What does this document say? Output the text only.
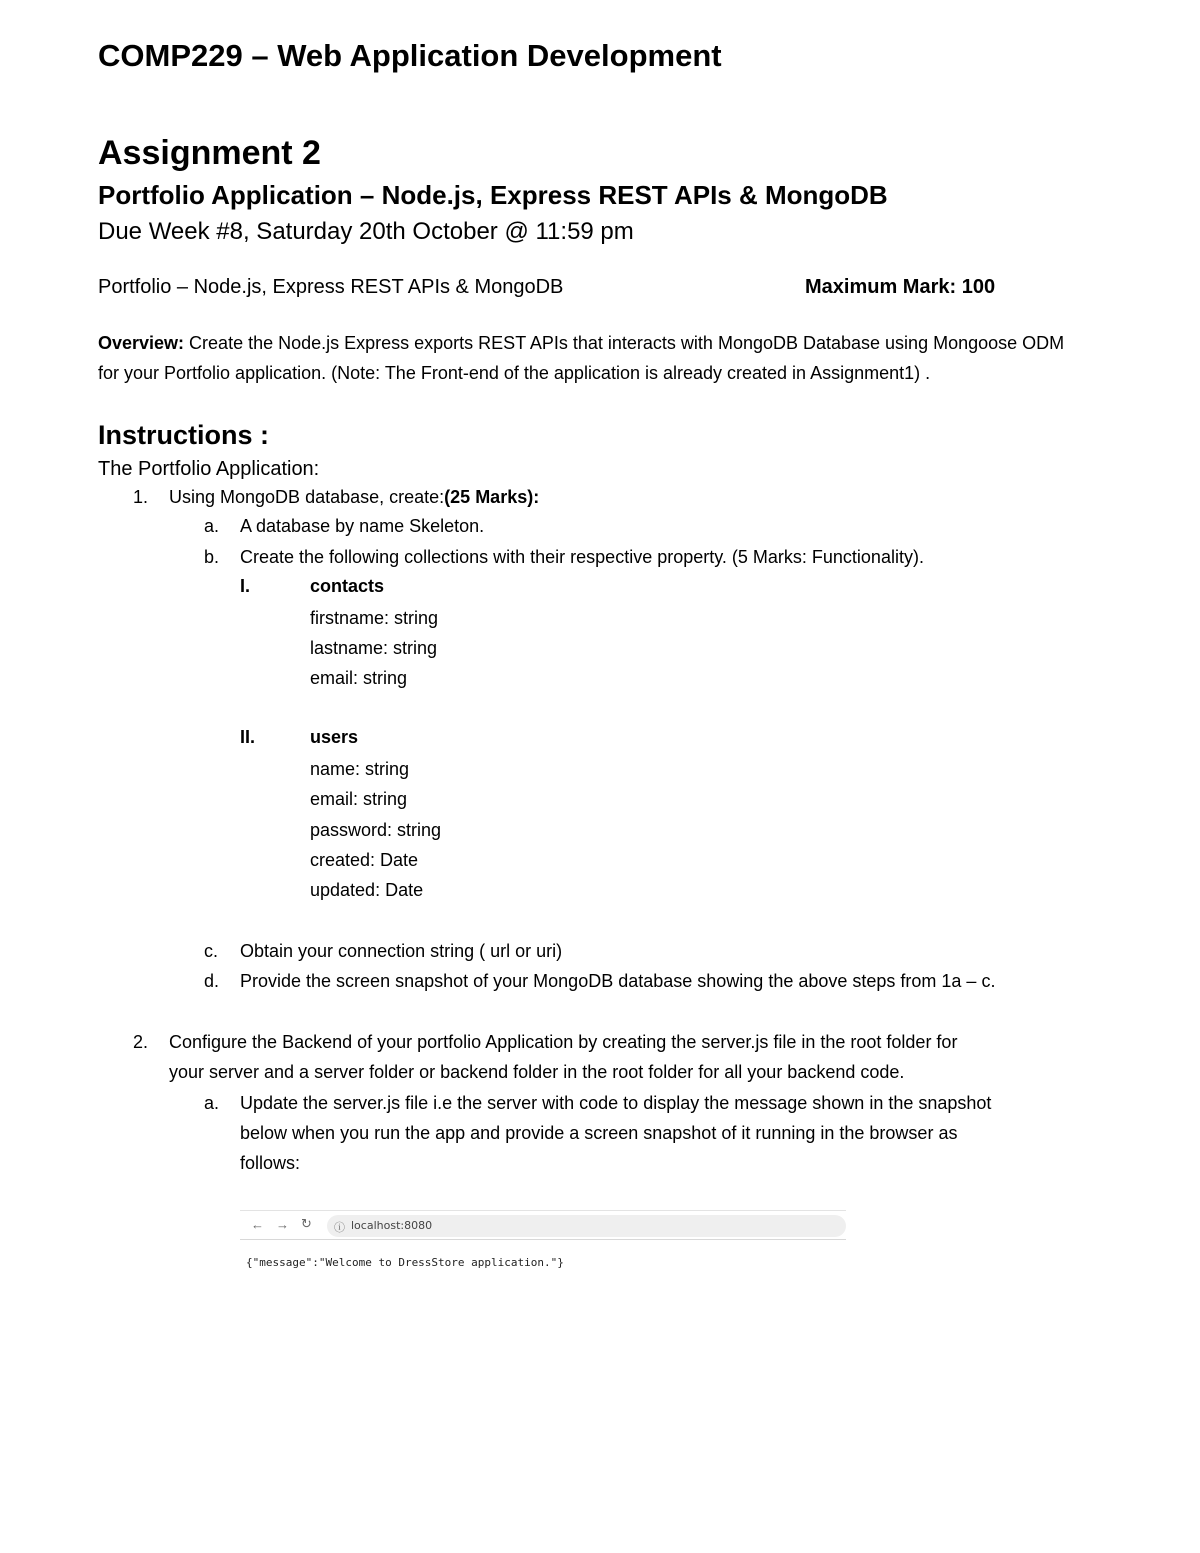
COMP229 – Web Application Development
Assignment 2
Portfolio Application – Node.js, Express REST APIs & MongoDB
Due Week #8, Saturday 20th October @ 11:59 pm
Portfolio – Node.js, Express REST APIs & MongoDB	Maximum Mark: 100
Overview: Create the Node.js Express exports REST APIs that interacts with MongoDB Database using Mongoose ODM for your Portfolio application. (Note: The Front-end of the application is already created in Assignment1) .
Instructions :
The Portfolio Application:
1. Using MongoDB database, create:(25 Marks):
a. A database by name Skeleton.
b. Create the following collections with their respective property. (5 Marks: Functionality).
I.	contacts
firstname: string
lastname: string
email: string
II.	users
name: string
email: string
password: string
created: Date
updated: Date
c. Obtain your connection string ( url or uri)
d. Provide the screen snapshot of your MongoDB database showing the above steps from 1a – c.
2. Configure the Backend of your portfolio Application by creating the server.js file in the root folder for
your server and a server folder or backend folder in the root folder for all your backend code.
a. Update the server.js file i.e the server with code to display the message shown in the snapshot
below when you run the app and provide a screen snapshot of it running in the browser as
follows:
← → ↻ ⓘ localhost:8080
{"message":"Welcome to DressStore application."}
